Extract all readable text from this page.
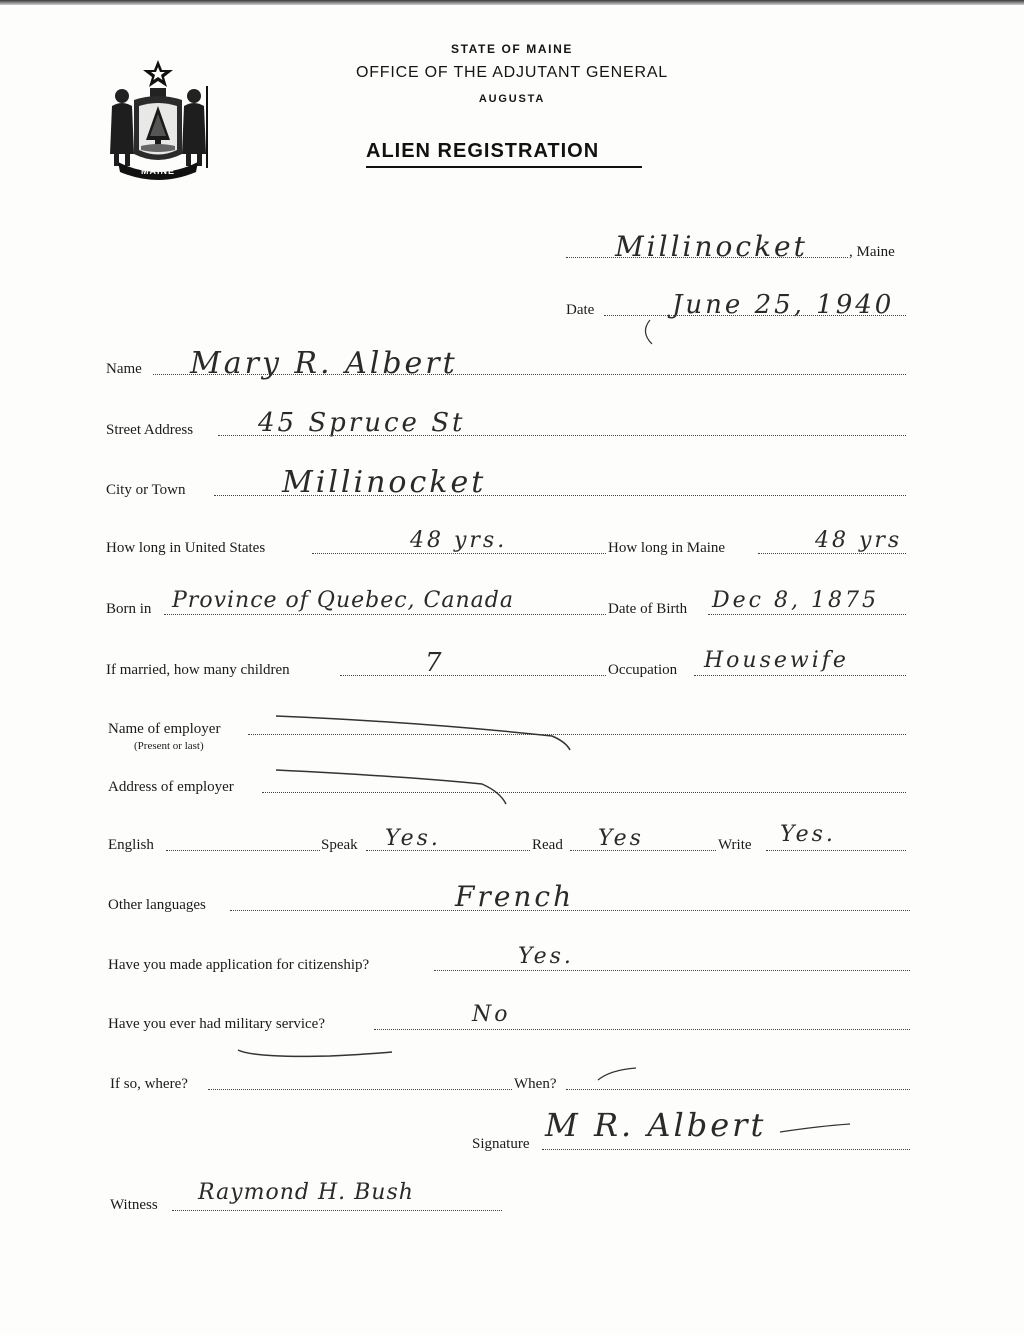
MAINE
STATE OF MAINE
OFFICE OF THE ADJUTANT GENERAL
AUGUSTA
ALIEN REGISTRATION
Millinocket	, Maine
Date	June 25, 1940
Name Mary R. Albert
Street Address 45 Spruce St
City or Town	Millinocket
How long in United States	48 yrs.	How long in Maine	48 yrs
Born in Province of Quebec, Canada	Date of Birth Dec 8, 1875
If married, how many children	7	Occupation Housewife
Name of employer
(Present or last)
Address of employer
English	Speak Yes.	Read Yes	Write Yes.
Other languages	French
Have you made application for citizenship?	Yes.
Have you ever had military service?	No
If so, where?	When?
Signature M R. Albert
Witness Raymond H. Bush
